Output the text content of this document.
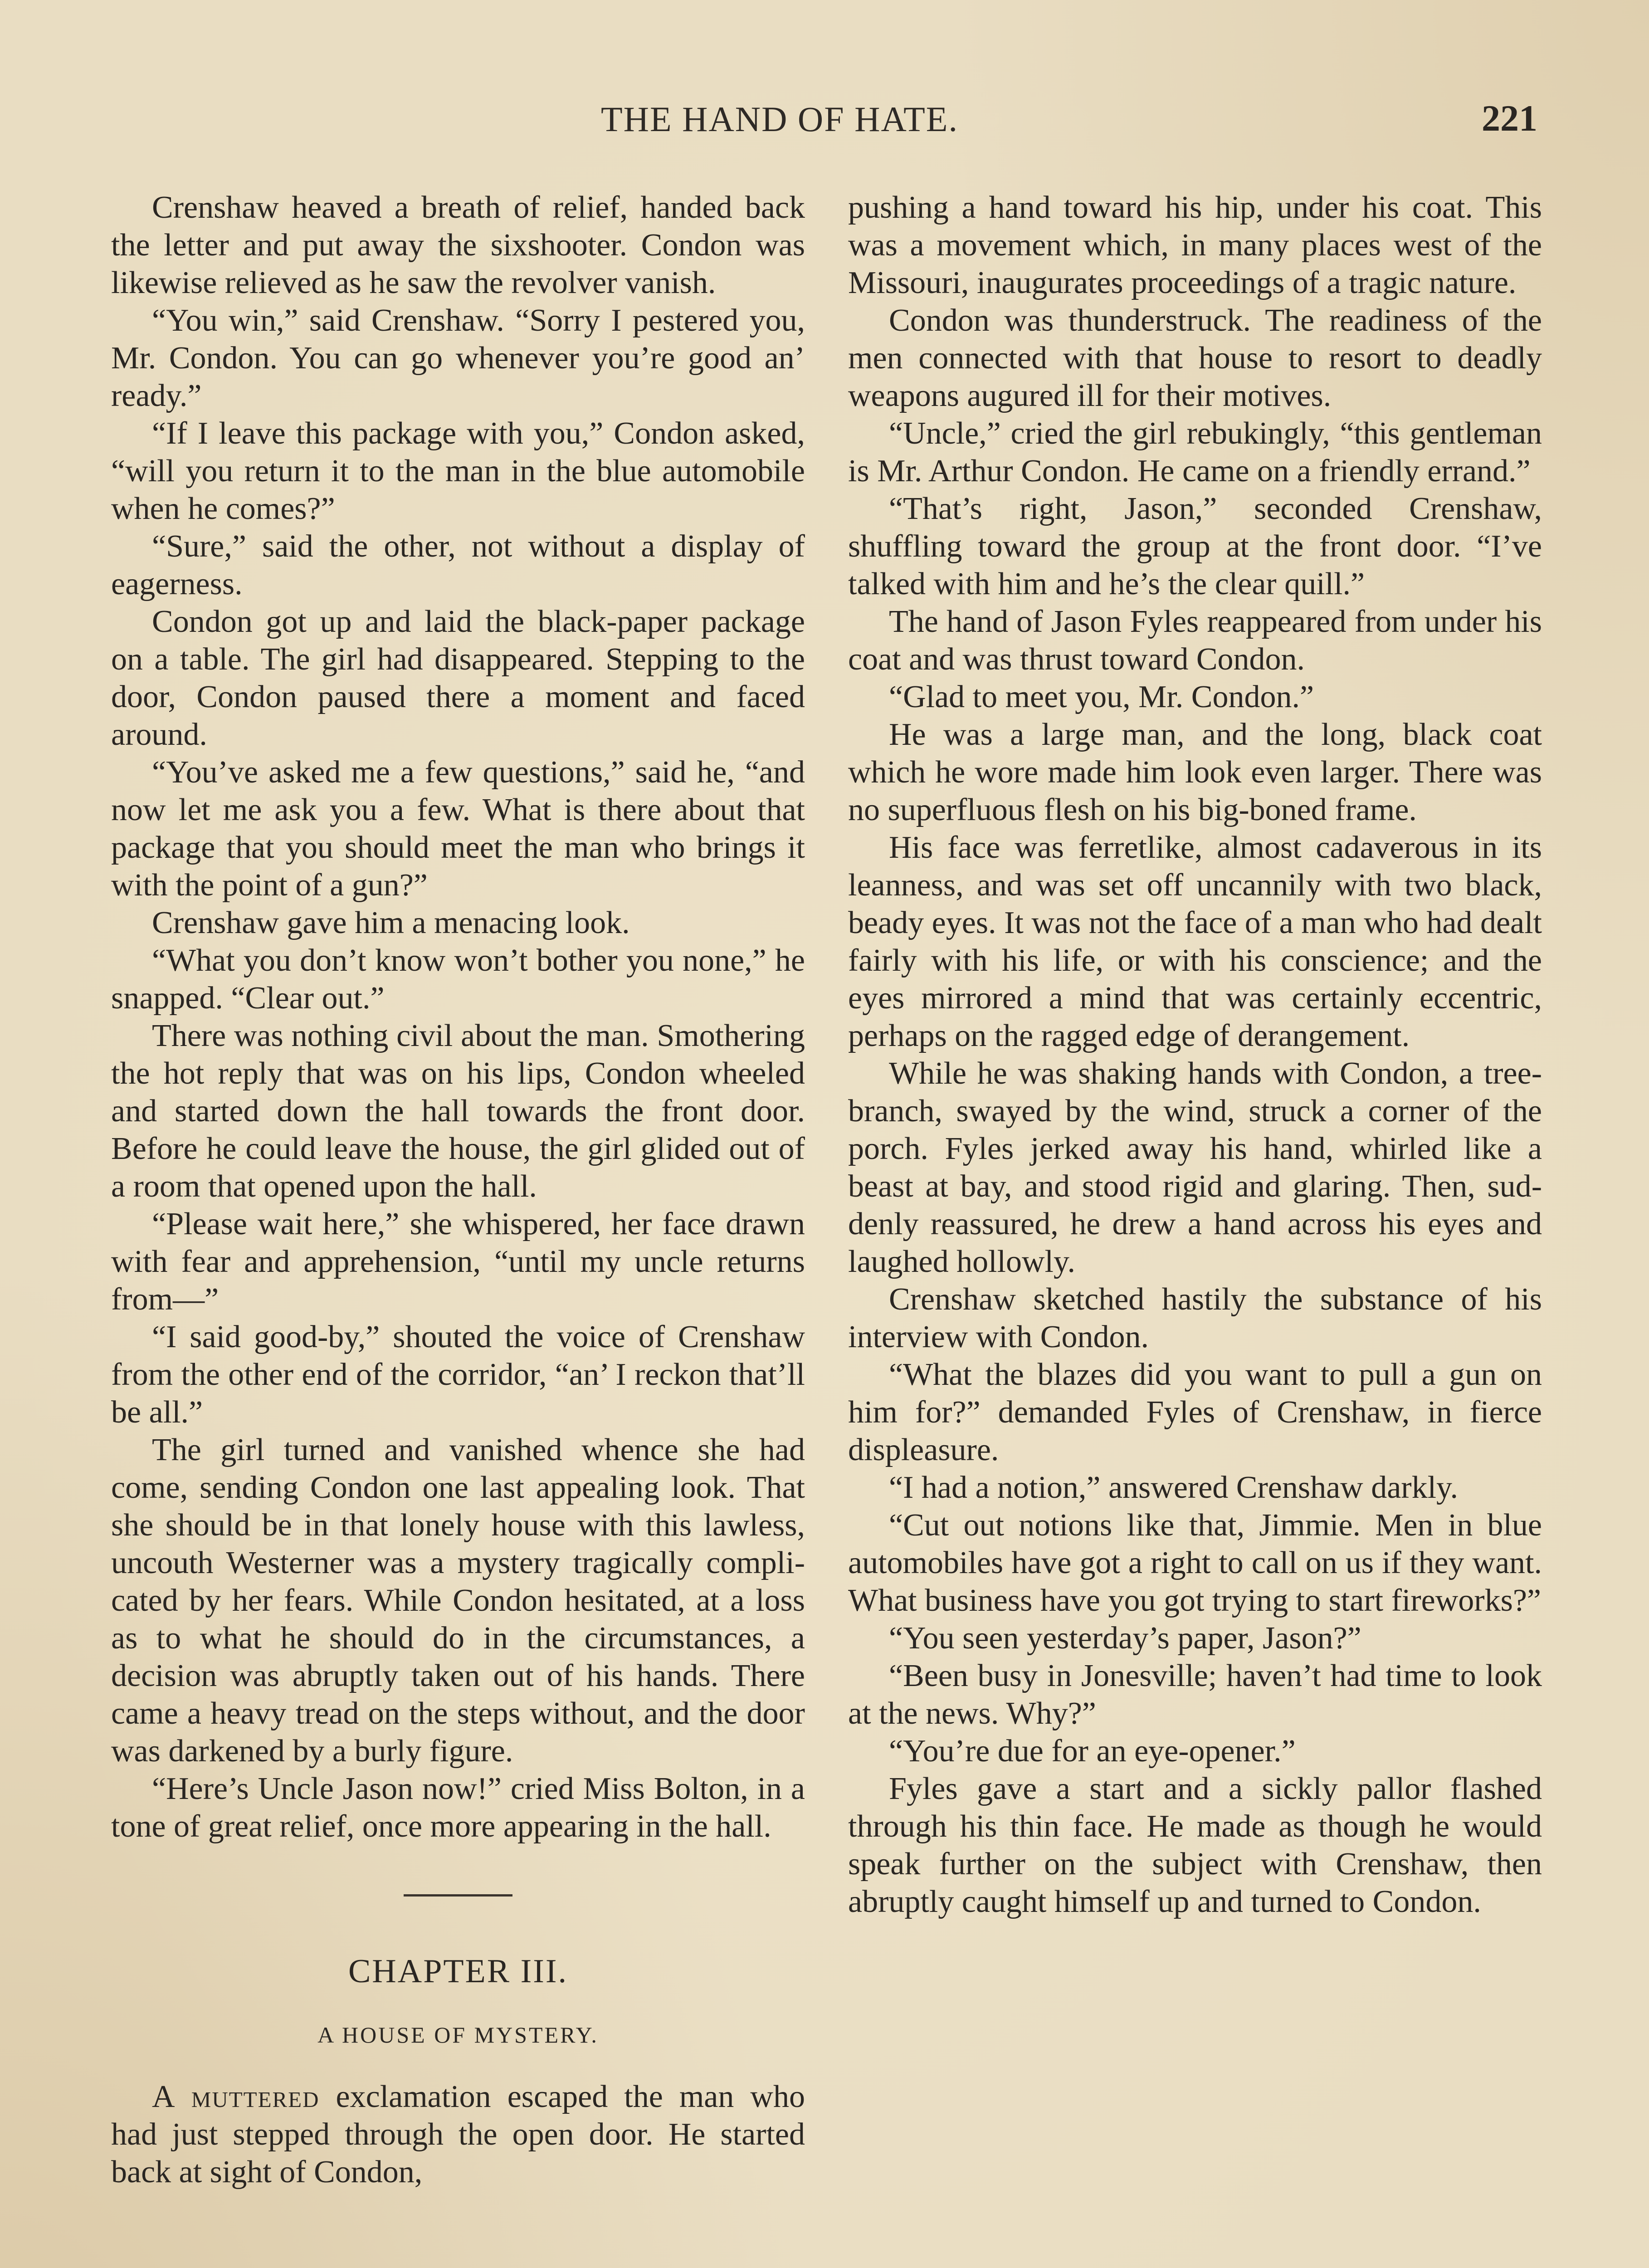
THE HAND OF HATE.	221

Crenshaw heaved a breath of relief, handed back the letter and put away the sixshooter. Condon was likewise relieved as he saw the revolver vanish.

“You win,” said Crenshaw. “Sorry I pestered you, Mr. Condon. You can go whenever you’re good an’ ready.”

“If I leave this package with you,” Condon asked, “will you return it to the man in the blue automobile when he comes?”

“Sure,” said the other, not without a display of eagerness.

Condon got up and laid the black-paper package on a table. The girl had disappeared. Stepping to the door, Condon paused there a moment and faced around.

“You’ve asked me a few questions,” said he, “and now let me ask you a few. What is there about that package that you should meet the man who brings it with the point of a gun?”

Crenshaw gave him a menacing look.

“What you don’t know won’t bother you none,” he snapped. “Clear out.”

There was nothing civil about the man. Smothering the hot reply that was on his lips, Condon wheeled and started down the hall towards the front door. Before he could leave the house, the girl glided out of a room that opened upon the hall.

“Please wait here,” she whispered, her face drawn with fear and apprehension, “until my uncle returns from—”

“I said good-by,” shouted the voice of Crenshaw from the other end of the corridor, “an’ I reckon that’ll be all.”

The girl turned and vanished whence she had come, sending Condon one last appealing look. That she should be in that lonely house with this lawless, uncouth Westerner was a mystery tragically complicated by her fears. While Condon hesitated, at a loss as to what he should do in the circumstances, a decision was abruptly taken out of his hands. There came a heavy tread on the steps without, and the door was darkened by a burly figure.

“Here’s Uncle Jason now!” cried Miss Bolton, in a tone of great relief, once more appearing in the hall.

CHAPTER III.
A HOUSE OF MYSTERY.

A muttered exclamation escaped the man who had just stepped through the open door. He started back at sight of Condon,

pushing a hand toward his hip, under his coat. This was a movement which, in many places west of the Missouri, inaugurates proceedings of a tragic nature.

Condon was thunderstruck. The readiness of the men connected with that house to resort to deadly weapons augured ill for their motives.

“Uncle,” cried the girl rebukingly, “this gentleman is Mr. Arthur Condon. He came on a friendly errand.”

“That’s right, Jason,” seconded Crenshaw, shuffling toward the group at the front door. “I’ve talked with him and he’s the clear quill.”

The hand of Jason Fyles reappeared from under his coat and was thrust toward Condon.

“Glad to meet you, Mr. Condon.”

He was a large man, and the long, black coat which he wore made him look even larger. There was no superfluous flesh on his big-boned frame.

His face was ferretlike, almost cadaverous in its leanness, and was set off uncannily with two black, beady eyes. It was not the face of a man who had dealt fairly with his life, or with his conscience; and the eyes mirrored a mind that was certainly eccentric, perhaps on the ragged edge of derangement.

While he was shaking hands with Condon, a tree-branch, swayed by the wind, struck a corner of the porch. Fyles jerked away his hand, whirled like a beast at bay, and stood rigid and glaring. Then, suddenly reassured, he drew a hand across his eyes and laughed hollowly.

Crenshaw sketched hastily the substance of his interview with Condon.

“What the blazes did you want to pull a gun on him for?” demanded Fyles of Crenshaw, in fierce displeasure.

“I had a notion,” answered Crenshaw darkly.

“Cut out notions like that, Jimmie. Men in blue automobiles have got a right to call on us if they want. What business have you got trying to start fireworks?”

“You seen yesterday’s paper, Jason?”

“Been busy in Jonesville; haven’t had time to look at the news. Why?”

“You’re due for an eye-opener.”

Fyles gave a start and a sickly pallor flashed through his thin face. He made as though he would speak further on the subject with Crenshaw, then abruptly caught himself up and turned to Condon.
